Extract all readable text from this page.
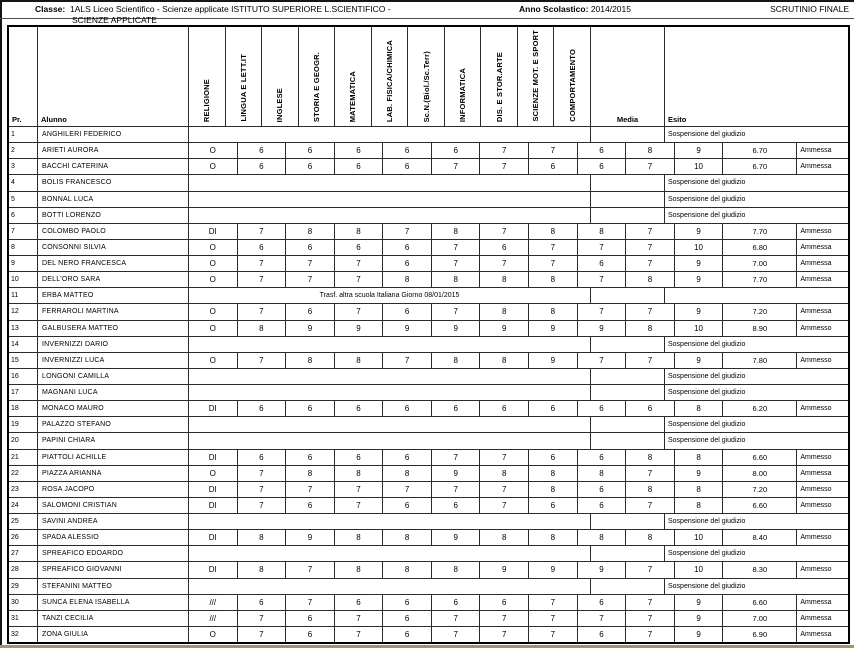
Classe: 1ALS Liceo Scientifico - Scienze applicate ISTITUTO SUPERIORE L.SCIENTIFICO -
SCIENZE APPLICATE
Anno Scolastico: 2014/2015	SCRUTINIO FINALE
Pr.	Alunno	RELIGIONE	LINGUA E LETT.IT	INGLESE	STORIA E GEOGR.	MATEMATICA	LAB. FISICA/CHIMICA	Sc.N.(Biol./Sc.Terr)	INFORMATICA	DIS. E STOR.ARTE	SCIENZE MOT. E SPORT	COMPORTAMENTO	Media	Esito
1	ANGHILERI FEDERICO	Sospensione del giudizio
2	ARIETI AURORA	O	6	6	6	6	6	7	7	6	8	9	6.70	Ammessa
3	BACCHI CATERINA	O	6	6	6	6	7	7	6	6	7	10	6.70	Ammessa
4	BOLIS FRANCESCO	Sospensione del giudizio
5	BONNAL LUCA	Sospensione del giudizio
6	BOTTI LORENZO	Sospensione del giudizio
7	COLOMBO PAOLO	DI	7	8	8	7	8	7	8	8	7	9	7.70	Ammesso
8	CONSONNI SILVIA	O	6	6	6	6	7	6	7	7	7	10	6.80	Ammessa
9	DEL NERO FRANCESCA	O	7	7	7	6	7	7	7	6	7	9	7.00	Ammessa
10	DELL'ORO SARA	O	7	7	7	8	8	8	8	7	8	9	7.70	Ammessa
11	ERBA MATTEO	Trasf. altra scuola Italiana Giorno 08/01/2015
12	FERRAROLI MARTINA	O	7	6	7	6	7	8	8	7	7	9	7.20	Ammessa
13	GALBUSERA MATTEO	O	8	9	9	9	9	9	9	9	8	10	8.90	Ammesso
14	INVERNIZZI DARIO	Sospensione del giudizio
15	INVERNIZZI LUCA	O	7	8	8	7	8	8	9	7	7	9	7.80	Ammesso
16	LONGONI CAMILLA	Sospensione del giudizio
17	MAGNANI LUCA	Sospensione del giudizio
18	MONACO MAURO	DI	6	6	6	6	6	6	6	6	6	8	6.20	Ammesso
19	PALAZZO STEFANO	Sospensione del giudizio
20	PAPINI CHIARA	Sospensione del giudizio
21	PIATTOLI ACHILLE	DI	6	6	6	6	7	7	6	6	8	8	6.60	Ammesso
22	PIAZZA ARIANNA	O	7	8	8	8	9	8	8	8	7	9	8.00	Ammessa
23	ROSA JACOPO	DI	7	7	7	7	7	7	8	6	8	8	7.20	Ammesso
24	SALOMONI CRISTIAN	DI	7	6	7	6	6	7	6	6	7	8	6.60	Ammesso
25	SAVINI ANDREA	Sospensione del giudizio
26	SPADA ALESSIO	DI	8	9	8	8	9	8	8	8	8	10	8.40	Ammesso
27	SPREAFICO EDOARDO	Sospensione del giudizio
28	SPREAFICO GIOVANNI	DI	8	7	8	8	8	9	9	9	7	10	8.30	Ammesso
29	STEFANINI MATTEO	Sospensione del giudizio
30	SUNCA ELENA ISABELLA	///	6	7	6	6	6	6	7	6	7	9	6.60	Ammessa
31	TANZI CECILIA	///	7	6	7	6	7	7	7	7	7	9	7.00	Ammessa
32	ZONA GIULIA	O	7	6	7	6	7	7	7	6	7	9	6.90	Ammessa
